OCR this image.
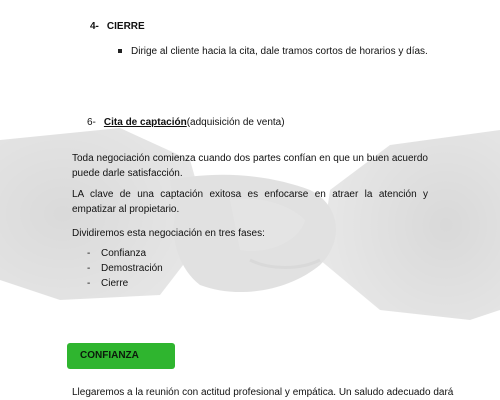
4- CIERRE
Dirige al cliente hacia la cita, dale tramos cortos de horarios y días.
6- Cita de captación(adquisición de venta)
Toda negociación comienza cuando dos partes confían en que un buen acuerdo puede darle satisfacción.
LA clave de una captación exitosa es enfocarse en atraer la atención y empatizar al propietario.
Dividiremos esta negociación en tres fases:
- Confianza
- Demostración
- Cierre
CONFIANZA
Llegaremos a la reunión con actitud profesional y empática. Un saludo adecuado dará
